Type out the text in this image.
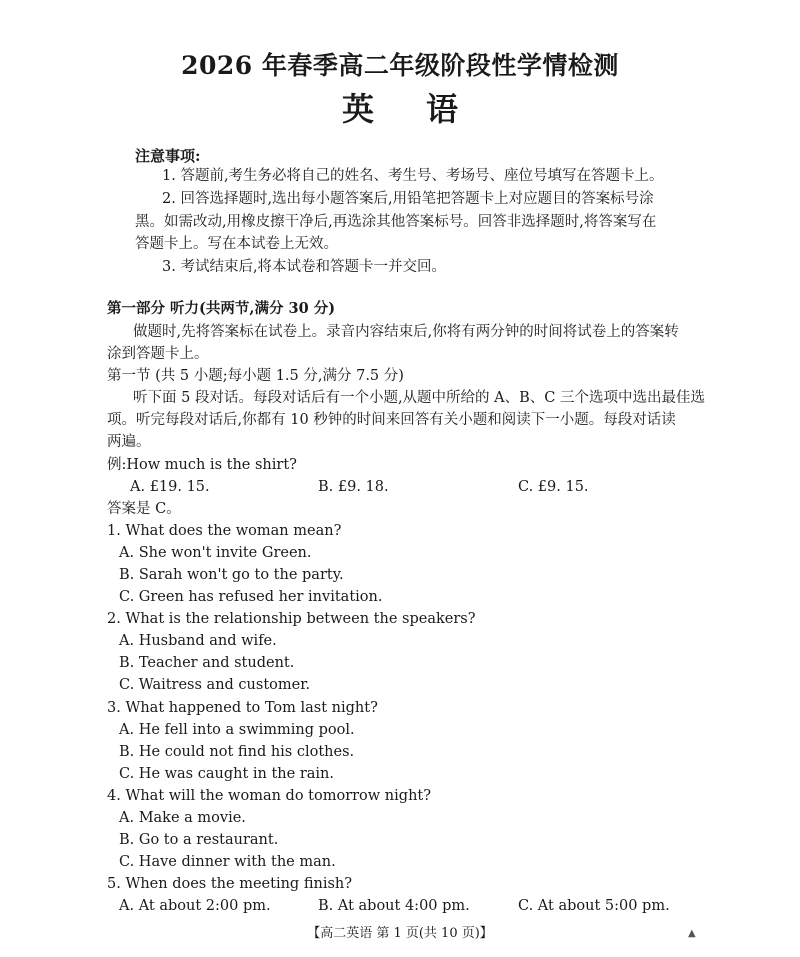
2026 年春季高二年级阶段性学情检测
英语
注意事项:
1. 答题前,考生务必将自己的姓名、考生号、考场号、座位号填写在答题卡上。
2. 回答选择题时,选出每小题答案后,用铅笔把答题卡上对应题目的答案标号涂
黑。如需改动,用橡皮擦干净后,再选涂其他答案标号。回答非选择题时,将答案写在
答题卡上。写在本试卷上无效。
3. 考试结束后,将本试卷和答题卡一并交回。
第一部分 听力(共两节,满分 30 分)
做题时,先将答案标在试卷上。录音内容结束后,你将有两分钟的时间将试卷上的答案转
涂到答题卡上。
第一节 (共 5 小题;每小题 1.5 分,满分 7.5 分)
听下面 5 段对话。每段对话后有一个小题,从题中所给的 A、B、C 三个选项中选出最佳选
项。听完每段对话后,你都有 10 秒钟的时间来回答有关小题和阅读下一小题。每段对话读
两遍。
例:How much is the shirt?
A. £19. 15.	B. £9. 18.	C. £9. 15.
答案是 C。
1. What does the woman mean?
A. She won't invite Green.
B. Sarah won't go to the party.
C. Green has refused her invitation.
2. What is the relationship between the speakers?
A. Husband and wife.
B. Teacher and student.
C. Waitress and customer.
3. What happened to Tom last night?
A. He fell into a swimming pool.
B. He could not find his clothes.
C. He was caught in the rain.
4. What will the woman do tomorrow night?
A. Make a movie.
B. Go to a restaurant.
C. Have dinner with the man.
5. When does the meeting finish?
A. At about 2:00 pm.	B. At about 4:00 pm.	C. At about 5:00 pm.
【高二英语 第 1 页(共 10 页)】	▲
